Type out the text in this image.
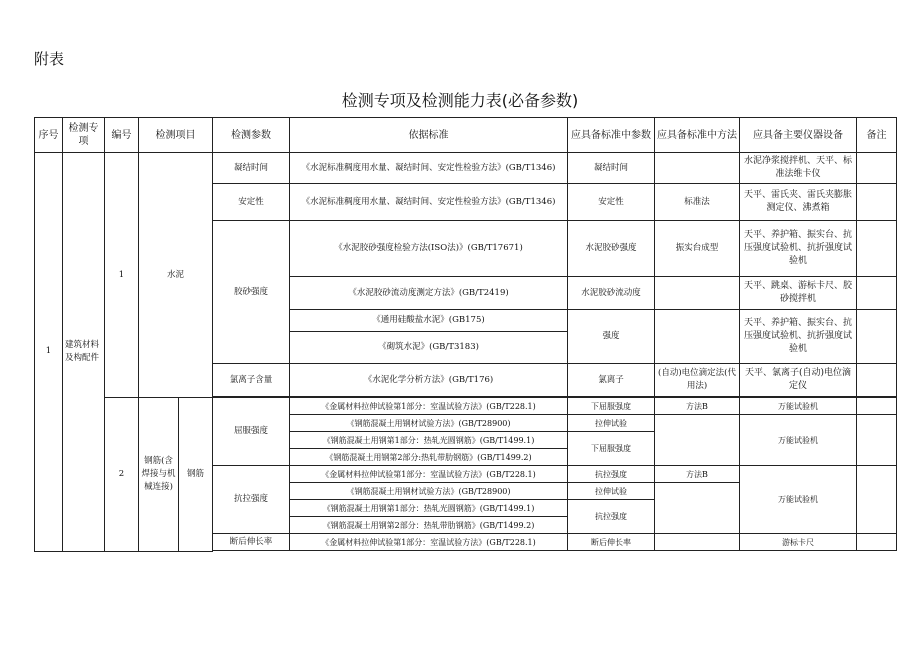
附表
检测专项及检测能力表(必备参数)
序号	检测专项	编号	检测项目		检测参数	依据标准	应具备标准中参数	应具备标准中方法	应具备主要仪器设备	备注
1	建筑材料及构配件	1	水泥		凝结时间	《水泥标准稠度用水量、凝结时间、安定性检验方法》(GB/T1346)	凝结时间		水泥净浆搅拌机、天平、标准法维卡仪	
					安定性	《水泥标准稠度用水量、凝结时间、安定性检验方法》(GB/T1346)	安定性	标准法	天平、雷氏夹、雷氏夹膨胀测定仪、沸煮箱	
					胶砂强度	《水泥胶砂强度检验方法(ISO法)》(GB/T17671)	水泥胶砂强度	振实台成型	天平、养护箱、振实台、抗压强度试验机、抗折强度试验机	
						《水泥胶砂流动度测定方法》(GB/T2419)	水泥胶砂流动度		天平、跳桌、游标卡尺、胶砂搅拌机	
						《通用硅酸盐水泥》(GB175)	强度		天平、养护箱、振实台、抗压强度试验机、抗折强度试验机	
						《砌筑水泥》(GB/T3183)				
					氯离子含量	《水泥化学分析方法》(GB/T176)	氯离子	(自动)电位滴定法(代用法)	天平、氯离子(自动)电位滴定仪	

		2	钢筋(含焊接与机械连接)	钢筋	屈服强度	《金属材料拉伸试验第1部分：室温试验方法》(GB/T228.1)	下屈服强度	方法B	万能试验机	
						《钢筋混凝土用钢材试验方法》(GB/T28900)	拉伸试验		万能试验机	
						《钢筋混凝土用钢第1部分：热轧光圆钢筋》(GB/T1499.1)	下屈服强度			
						《钢筋混凝土用钢第2部分:热轧带肋钢筋》(GB/T1499.2)				
					抗拉强度	《金属材料拉伸试验第1部分：室温试验方法》(GB/T228.1)	抗拉强度	方法B	万能试验机	
						《钢筋混凝土用钢材试验方法》(GB/T28900)	拉伸试验			
						《钢筋混凝土用钢第1部分：热轧光圆钢筋》(GB/T1499.1)	抗拉强度			
						《钢筋混凝土用钢第2部分：热轧带肋钢筋》(GB/T1499.2)				
					断后伸长率	《金属材料拉伸试验第1部分：室温试验方法》(GB/T228.1)	断后伸长率		游标卡尺	
